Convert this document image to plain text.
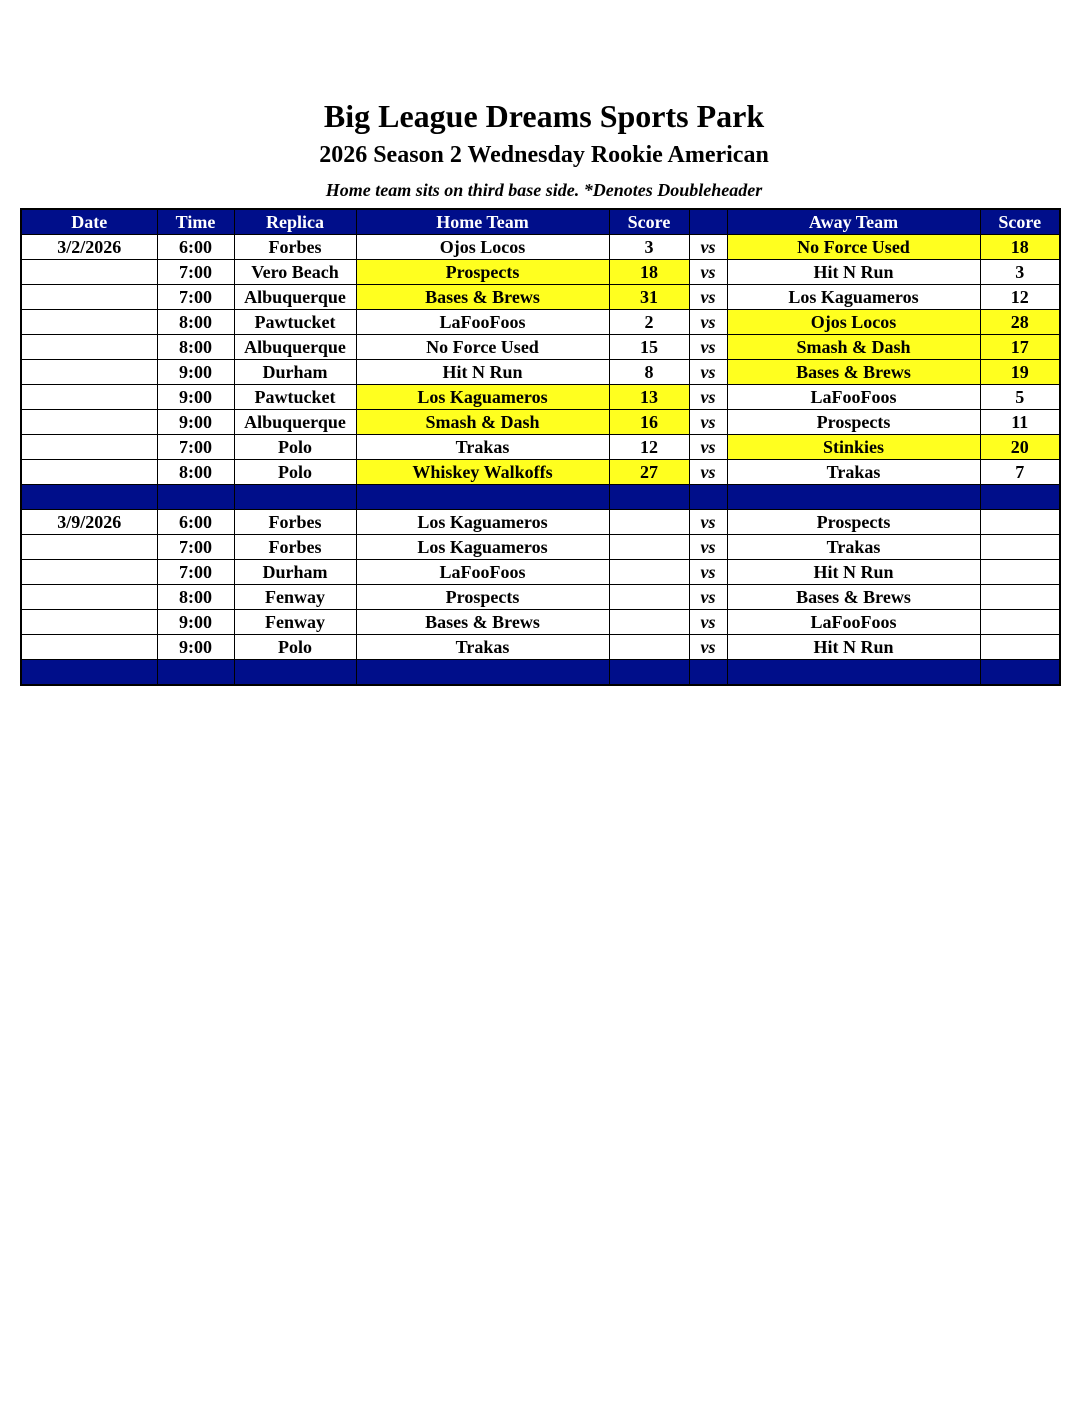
Big League Dreams Sports Park
2026 Season 2 Wednesday Rookie American
Home team sits on third base side. *Denotes Doubleheader
Date	Time	Replica	Home Team	Score		Away Team	Score
3/2/2026	6:00	Forbes	Ojos Locos	3	vs	No Force Used	18
	7:00	Vero Beach	Prospects	18	vs	Hit N Run	3
	7:00	Albuquerque	Bases & Brews	31	vs	Los Kaguameros	12
	8:00	Pawtucket	LaFooFoos	2	vs	Ojos Locos	28
	8:00	Albuquerque	No Force Used	15	vs	Smash & Dash	17
	9:00	Durham	Hit N Run	8	vs	Bases & Brews	19
	9:00	Pawtucket	Los Kaguameros	13	vs	LaFooFoos	5
	9:00	Albuquerque	Smash & Dash	16	vs	Prospects	11
	7:00	Polo	Trakas	12	vs	Stinkies	20
	8:00	Polo	Whiskey Walkoffs	27	vs	Trakas	7

3/9/2026	6:00	Forbes	Los Kaguameros		vs	Prospects	
	7:00	Forbes	Los Kaguameros		vs	Trakas	
	7:00	Durham	LaFooFoos		vs	Hit N Run	
	8:00	Fenway	Prospects		vs	Bases & Brews	
	9:00	Fenway	Bases & Brews		vs	LaFooFoos	
	9:00	Polo	Trakas		vs	Hit N Run	
